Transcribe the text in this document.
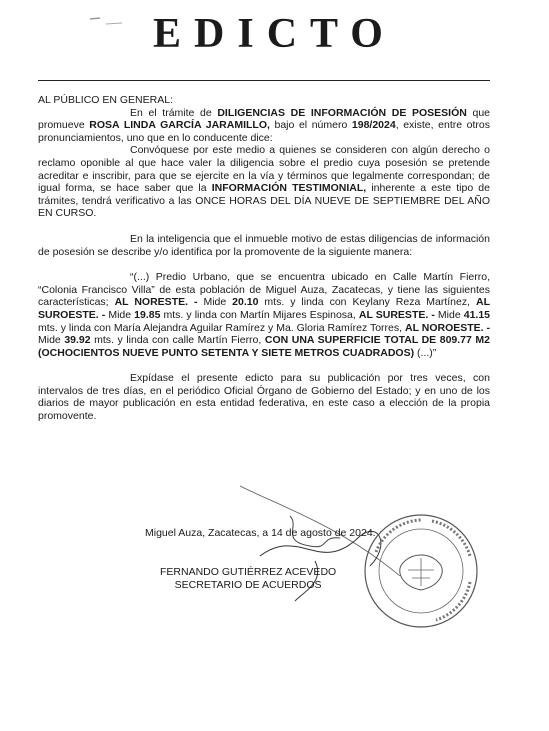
EDICTO

AL PÚBLICO EN GENERAL:

En el trámite de DILIGENCIAS DE INFORMACIÓN DE POSESIÓN que promueve ROSA LINDA GARCÍA JARAMILLO, bajo el número 198/2024, existe, entre otros pronunciamientos, uno que en lo conducente dice:

Convóquese por este medio a quienes se consideren con algún derecho o reclamo oponible al que hace valer la diligencia sobre el predio cuya posesión se pretende acreditar e inscribir, para que se ejercite en la vía y términos que legalmente correspondan; de igual forma, se hace saber que la INFORMACIÓN TESTIMONIAL, inherente a este tipo de trámites, tendrá verificativo a las ONCE HORAS DEL DÍA NUEVE DE SEPTIEMBRE DEL AÑO EN CURSO.

En la inteligencia que el inmueble motivo de estas diligencias de información de posesión se describe y/o identifica por la promovente de la siguiente manera:

“(...) Predio Urbano, que se encuentra ubicado en Calle Martín Fierro, “Colonia Francisco Villa” de esta población de Miguel Auza, Zacatecas, y tiene las siguientes características; AL NORESTE. - Mide 20.10 mts. y linda con Keylany Reza Martínez, AL SUROESTE. - Mide 19.85 mts. y linda con Martín Mijares Espinosa, AL SURESTE. - Mide 41.15 mts. y linda con María Alejandra Aguilar Ramírez y Ma. Gloria Ramírez Torres, AL NOROESTE. - Mide 39.92 mts. y linda con calle Martín Fierro, CON UNA SUPERFICIE TOTAL DE 809.77 M2 (OCHOCIENTOS NUEVE PUNTO SETENTA Y SIETE METROS CUADRADOS) (...)”

Expídase el presente edicto para su publicación por tres veces, con intervalos de tres días, en el periódico Oficial Órgano de Gobierno del Estado; y en uno de los diarios de mayor publicación en esta entidad federativa, en este caso a elección de la propia promovente.

Miguel Auza, Zacatecas, a 14 de agosto de 2024.
FERNANDO GUTIÉRREZ ACEVEDO
SECRETARIO DE ACUERDOS
